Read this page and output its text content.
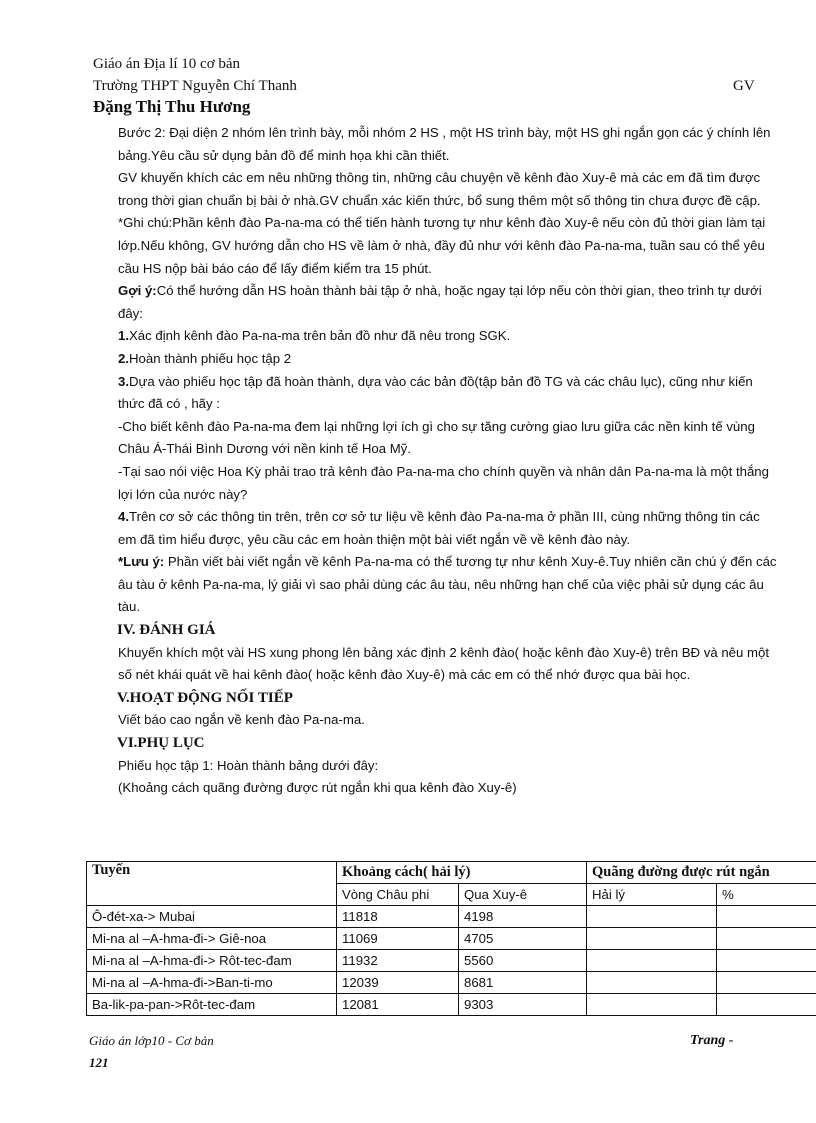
Giáo án Địa lí 10 cơ bản
Trường THPT Nguyễn Chí Thanh	GV
Đặng Thị Thu Hương

Bước 2: Đại diện 2 nhóm lên trình bày, mỗi nhóm 2 HS , một HS trình bày, một HS ghi ngắn gọn các ý chính lên bảng.Yêu cầu sử dụng bản đồ để minh họa khi cần thiết.

GV khuyến khích các em nêu những thông tin, những câu chuyện về kênh đào Xuy-ê mà các em đã tìm được trong thời gian chuẩn bị bài ở nhà.GV chuẩn xác kiến thức, bổ sung thêm một số thông tin chưa được đề cập.

*Ghi chú:Phần kênh đào Pa-na-ma có thể tiến hành tương tự như kênh đào Xuy-ê nếu còn đủ thời gian làm tại lớp.Nếu không, GV hướng dẫn cho HS về làm ở nhà, đầy đủ như với kênh đào Pa-na-ma, tuần sau có thể yêu cầu HS nộp bài báo cáo để lấy điểm kiểm tra 15 phút.

Gợi ý:Có thể hướng dẫn HS hoàn thành bài tập ở nhà, hoặc ngay tại lớp nếu còn thời gian, theo trình tự dưới đây:

1.Xác định kênh đào Pa-na-ma trên bản đồ như đã nêu trong SGK.

2.Hoàn thành phiếu học tập 2

3.Dựa vào phiếu học tập đã hoàn thành, dựa vào các bản đồ(tập bản đồ TG và các châu lục), cũng như kiến thức đã có , hãy :

-Cho biết kênh đào Pa-na-ma đem lại những lợi ích gì cho sự tăng cường giao lưu giữa các nền kinh tế vùng Châu Á-Thái Bình Dương với nền kinh tế Hoa Mỹ.

-Tại sao nói việc Hoa Kỳ phải trao trả kênh đào Pa-na-ma cho chính quyền và nhân dân Pa-na-ma là một thắng lợi lớn của nước này?

4.Trên cơ sở các thông tin trên, trên cơ sở tư liệu về kênh đào Pa-na-ma ở phần III, cùng những thông tin các em đã tìm hiểu được, yêu cầu các em hoàn thiện một bài viết ngắn về về kênh đào này.

*Lưu ý: Phần viết bài viết ngắn về kênh Pa-na-ma có thể tương tự như kênh Xuy-ê.Tuy nhiên cần chú ý đến các âu tàu ở kênh Pa-na-ma, lý giải vì sao phải dùng các âu tàu, nêu những hạn chế của việc phải sử dụng các âu tàu.

IV. ĐÁNH GIÁ

Khuyến khích một vài HS xung phong lên bảng xác định 2 kênh đào( hoặc kênh đào Xuy-ê) trên BĐ và nêu một số nét khái quát về hai kênh đào( hoặc kênh đào Xuy-ê) mà các em có thể nhớ được qua bài học.

V.HOẠT ĐỘNG NỐI TIẾP

Viết báo cao ngắn về kenh đào Pa-na-ma.

VI.PHỤ LỤC

Phiếu học tập 1: Hoàn thành bảng dưới đây:

(Khoảng cách quãng đường được rút ngắn khi qua kênh đào Xuy-ê)

Tuyến	Khoảng cách( hải lý)		Quãng đường được rút ngắn	
	Vòng Châu phi	Qua Xuy-ê	Hải lý	%
Ô-đét-xa-> Mubai	11818	4198		
Mi-na al –A-hma-đi-> Giê-noa	11069	4705		
Mi-na al –A-hma-đi-> Rôt-tec-đam	11932	5560		
Mi-na al –A-hma-đi->Ban-ti-mo	12039	8681		
Ba-lik-pa-pan->Rôt-tec-đam	12081	9303		
Giáo án lớp10 - Cơ bản
121
Trang -
